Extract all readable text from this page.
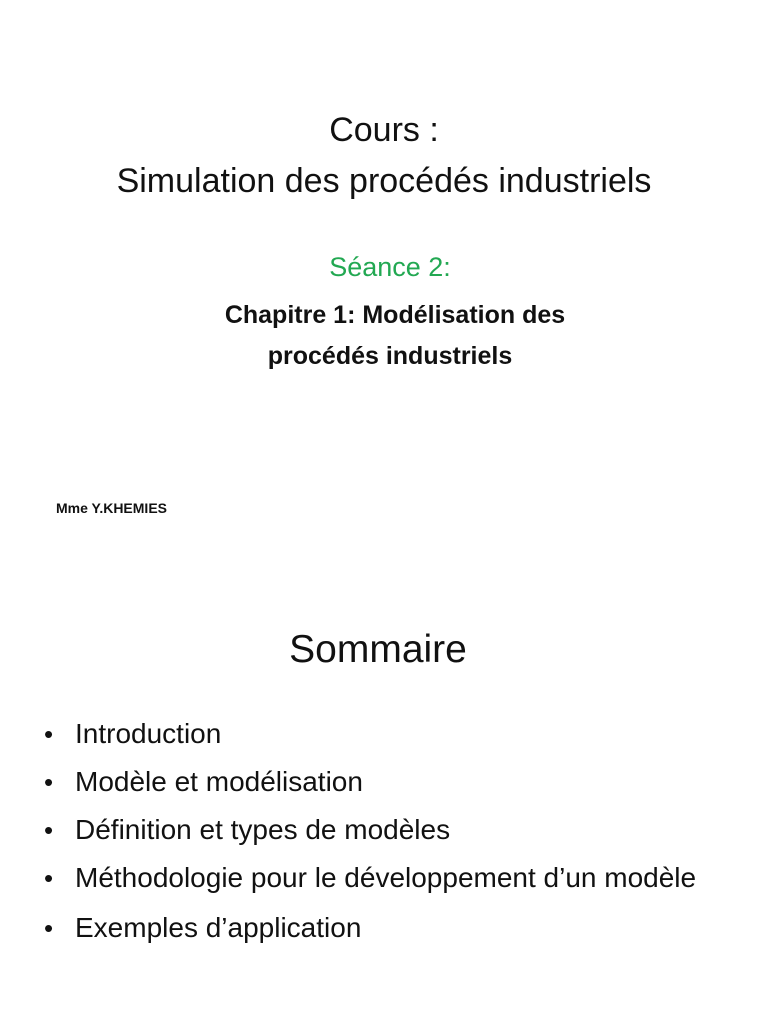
Cours :
Simulation des procédés industriels
Séance 2:
Chapitre 1: Modélisation des
procédés industriels
Mme Y.KHEMIES
Sommaire
• Introduction
• Modèle et modélisation
• Définition et types de modèles
• Méthodologie pour le développement d’un modèle
• Exemples d’application
